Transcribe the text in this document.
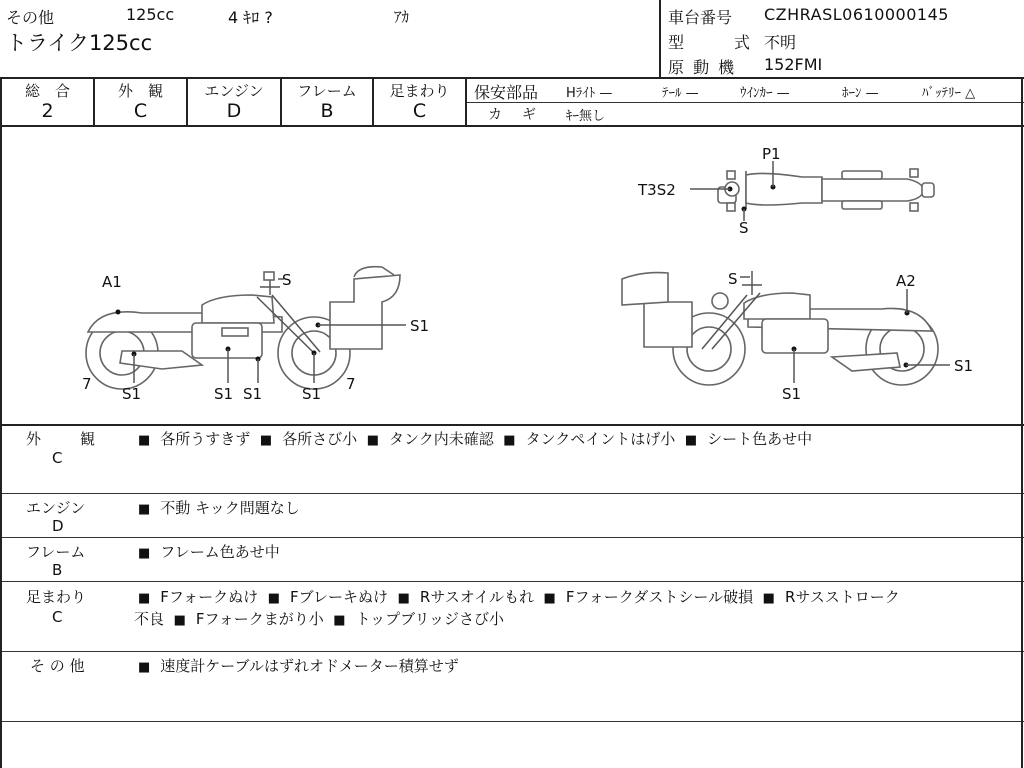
その他	125cc	4 ｷﾛ ?	ｱｶ
トライク125cc
車台番号 CZHRASL0610000145
型　　式 不明
原 動 機 152FMI
総　合
2
外　観
C
エンジン
D
フレーム
B
足まわり
C
保安部品 Hﾗｲﾄ —	ﾃｰﾙ —	ｳｲﾝｶｰ —	ﾎｰﾝ —	ﾊﾞｯﾃﾘｰ △
カ　ギ ｷｰ無し
P1
T3S2
S
A1	S
S1
7
S1	S1 S1	S1
7
S	A2
S1
S1
外　　観
C
■ 各所うすきず ■ 各所さび小 ■ タンク内未確認 ■ タンクペイントはげ小 ■ シート色あせ中
エンジン
D
■ 不動 キック問題なし
フレーム
B
■ フレーム色あせ中
足まわり
C
■ Fフォークぬけ ■ Fブレーキぬけ ■ Rサスオイルもれ ■ Fフォークダストシール破損 ■ Rサスストローク
不良 ■ Fフォークまがり小 ■ トップブリッジさび小
そ の 他	■ 速度計ケーブルはずれオドメーター積算せず
